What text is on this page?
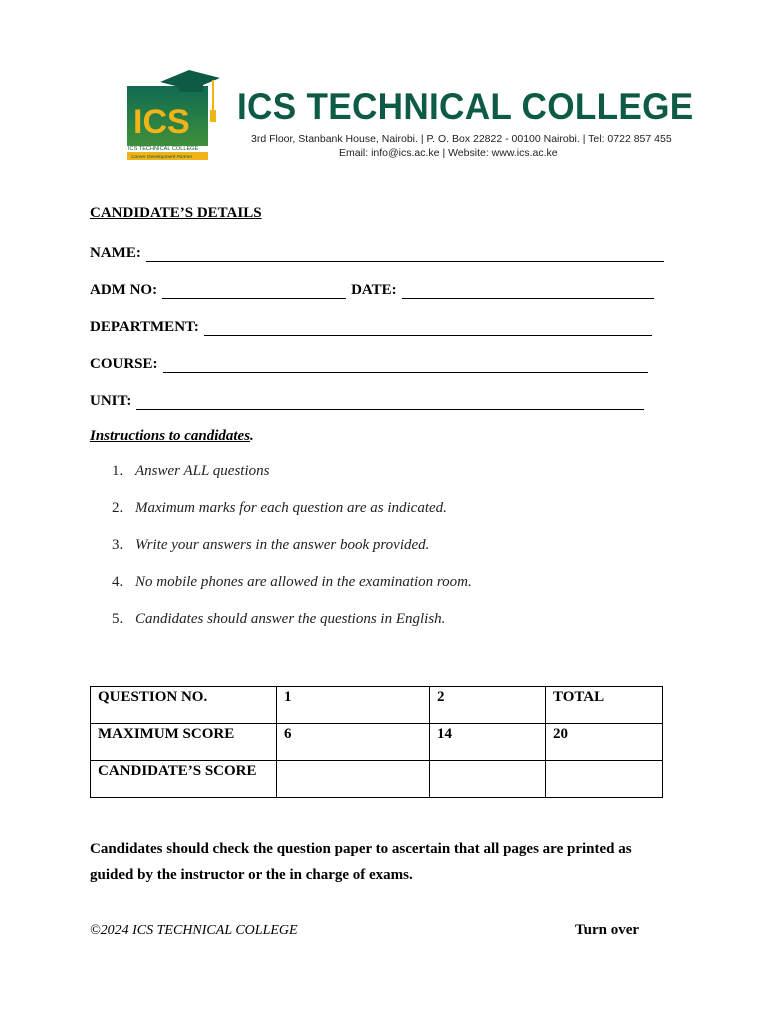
ICS
ICS TECHNICAL COLLEGE
Career Development Partner
ICS TECHNICAL COLLEGE
3rd Floor, Stanbank House, Nairobi. | P. O. Box 22822 - 00100 Nairobi. | Tel: 0722 857 455
Email: info@ics.ac.ke | Website: www.ics.ac.ke
CANDIDATE’S DETAILS
NAME:
ADM NO:	DATE:
DEPARTMENT:
COURSE:
UNIT:
Instructions to candidates.
1. Answer ALL questions
2. Maximum marks for each question are as indicated.
3. Write your answers in the answer book provided.
4. No mobile phones are allowed in the examination room.
5. Candidates should answer the questions in English.
QUESTION NO.	1	2	TOTAL
MAXIMUM SCORE	6	14	20
CANDIDATE’S SCORE			
Candidates should check the question paper to ascertain that all pages are printed as guided by the instructor or the in charge of exams.
©2024 ICS TECHNICAL COLLEGE	Turn over
